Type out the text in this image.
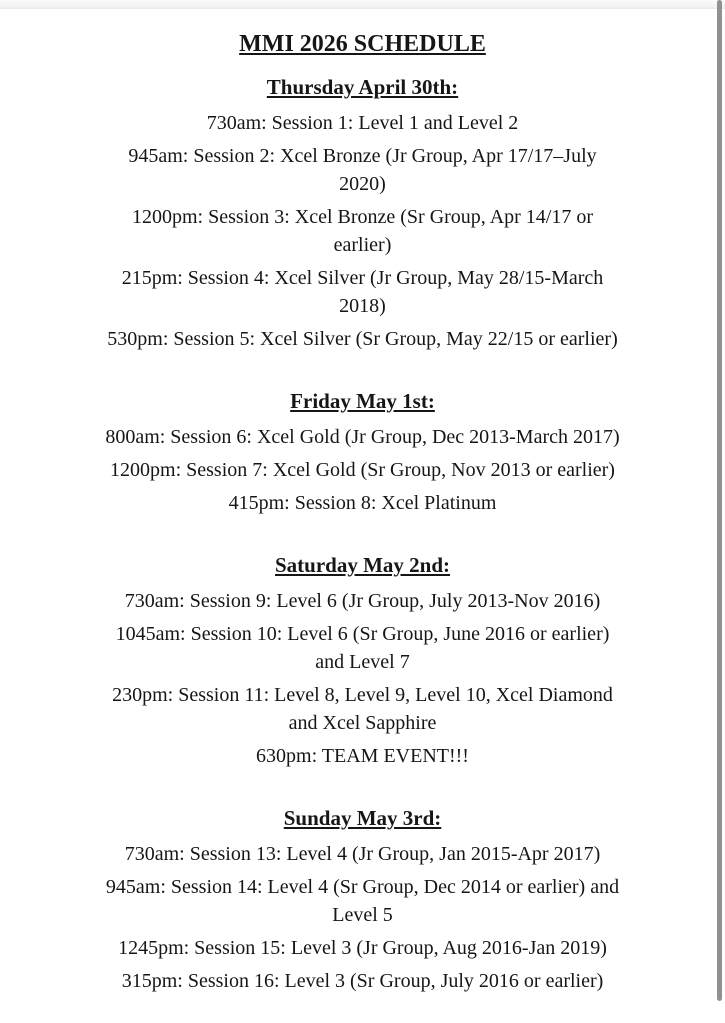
MMI 2026 SCHEDULE
Thursday April 30th:

730am: Session 1: Level 1 and Level 2

945am: Session 2: Xcel Bronze (Jr Group, Apr 17/17–July
2020)

1200pm: Session 3: Xcel Bronze (Sr Group, Apr 14/17 or
earlier)

215pm: Session 4: Xcel Silver (Jr Group, May 28/15-March
2018)

530pm: Session 5: Xcel Silver (Sr Group, May 22/15 or earlier)

Friday May 1st:

800am: Session 6: Xcel Gold (Jr Group, Dec 2013-March 2017)

1200pm: Session 7: Xcel Gold (Sr Group, Nov 2013 or earlier)

415pm: Session 8: Xcel Platinum

Saturday May 2nd:

730am: Session 9: Level 6 (Jr Group, July 2013-Nov 2016)

1045am: Session 10: Level 6 (Sr Group, June 2016 or earlier)
and Level 7

230pm: Session 11: Level 8, Level 9, Level 10, Xcel Diamond
and Xcel Sapphire

630pm: TEAM EVENT!!!

Sunday May 3rd:

730am: Session 13: Level 4 (Jr Group, Jan 2015-Apr 2017)

945am: Session 14: Level 4 (Sr Group, Dec 2014 or earlier) and
Level 5

1245pm: Session 15: Level 3 (Jr Group, Aug 2016-Jan 2019)

315pm: Session 16: Level 3 (Sr Group, July 2016 or earlier)
